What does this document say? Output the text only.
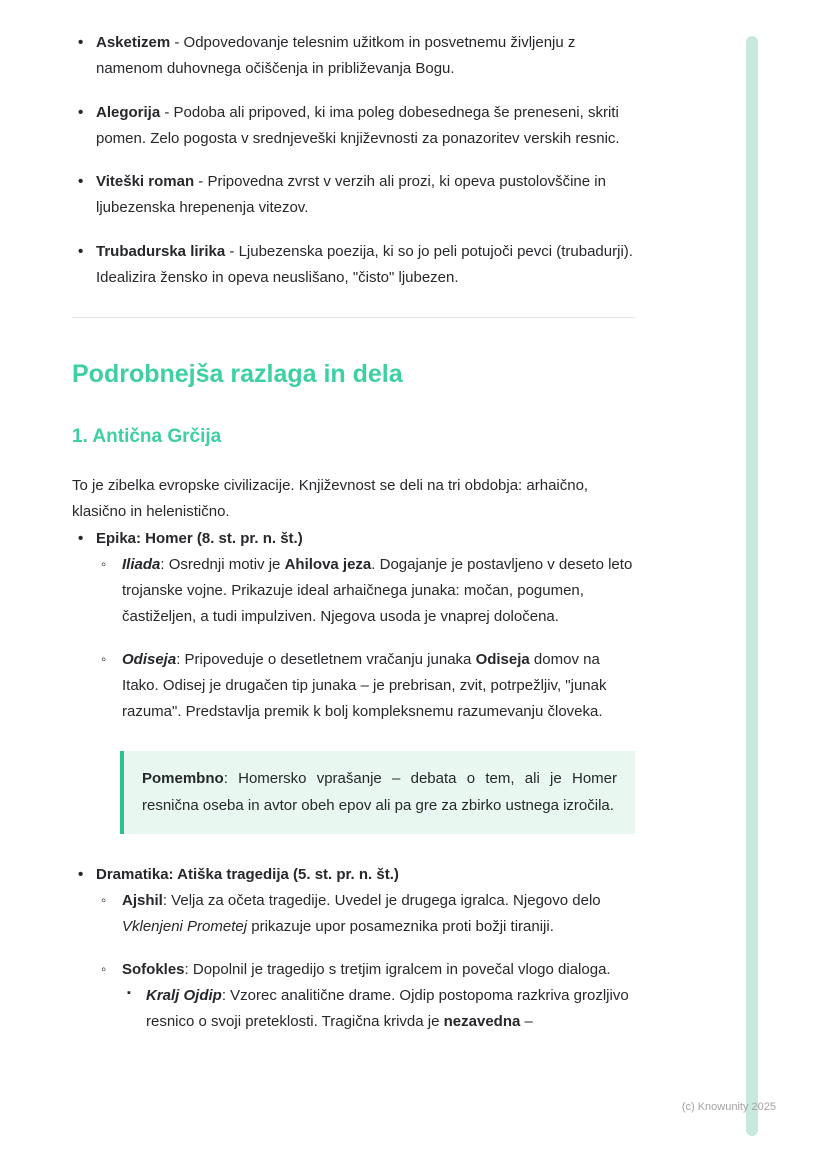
• Asketizem - Odpovedovanje telesnim užitkom in posvetnemu življenju z namenom duhovnega očiščenja in približevanja Bogu.
• Alegorija - Podoba ali pripoved, ki ima poleg dobesednega še preneseni, skriti pomen. Zelo pogosta v srednjeveški književnosti za ponazoritev verskih resnic.
• Viteški roman - Pripovedna zvrst v verzih ali prozi, ki opeva pustolovščine in ljubezenska hrepenenja vitezov.
• Trubadurska lirika - Ljubezenska poezija, ki so jo peli potujoči pevci (trubadurji). Idealizira žensko in opeva neuslišano, "čisto" ljubezen.
Podrobnejša razlaga in dela
1. Antična Grčija

To je zibelka evropske civilizacije. Književnost se deli na tri obdobja: arhaično, klasično in helenistično.

• Epika: Homer (8. st. pr. n. št.)
◦ Iliada: Osrednji motiv je Ahilova jeza. Dogajanje je postavljeno v deseto leto trojanske vojne. Prikazuje ideal arhaičnega junaka: močan, pogumen, častiželjen, a tudi impulziven. Njegova usoda je vnaprej določena.
◦ Odiseja: Pripoveduje o desetletnem vračanju junaka Odiseja domov na Itako. Odisej je drugačen tip junaka – je prebrisan, zvit, potrpežljiv, "junak razuma". Predstavlja premik k bolj kompleksnemu razumevanju človeka.
Pomembno: Homersko vprašanje – debata o tem, ali je Homer resnična oseba in avtor obeh epov ali pa gre za zbirko ustnega izročila.
• Dramatika: Atiška tragedija (5. st. pr. n. št.)
◦ Ajshil: Velja za očeta tragedije. Uvedel je drugega igralca. Njegovo delo Vklenjeni Prometej prikazuje upor posameznika proti božji tiraniji.
◦ Sofokles: Dopolnil je tragedijo s tretjim igralcem in povečal vlogo dialoga.
▪ Kralj Ojdip: Vzorec analitične drame. Ojdip postopoma razkriva grozljivo resnico o svoji preteklosti. Tragična krivda je nezavedna –
(c) Knowunity 2025
